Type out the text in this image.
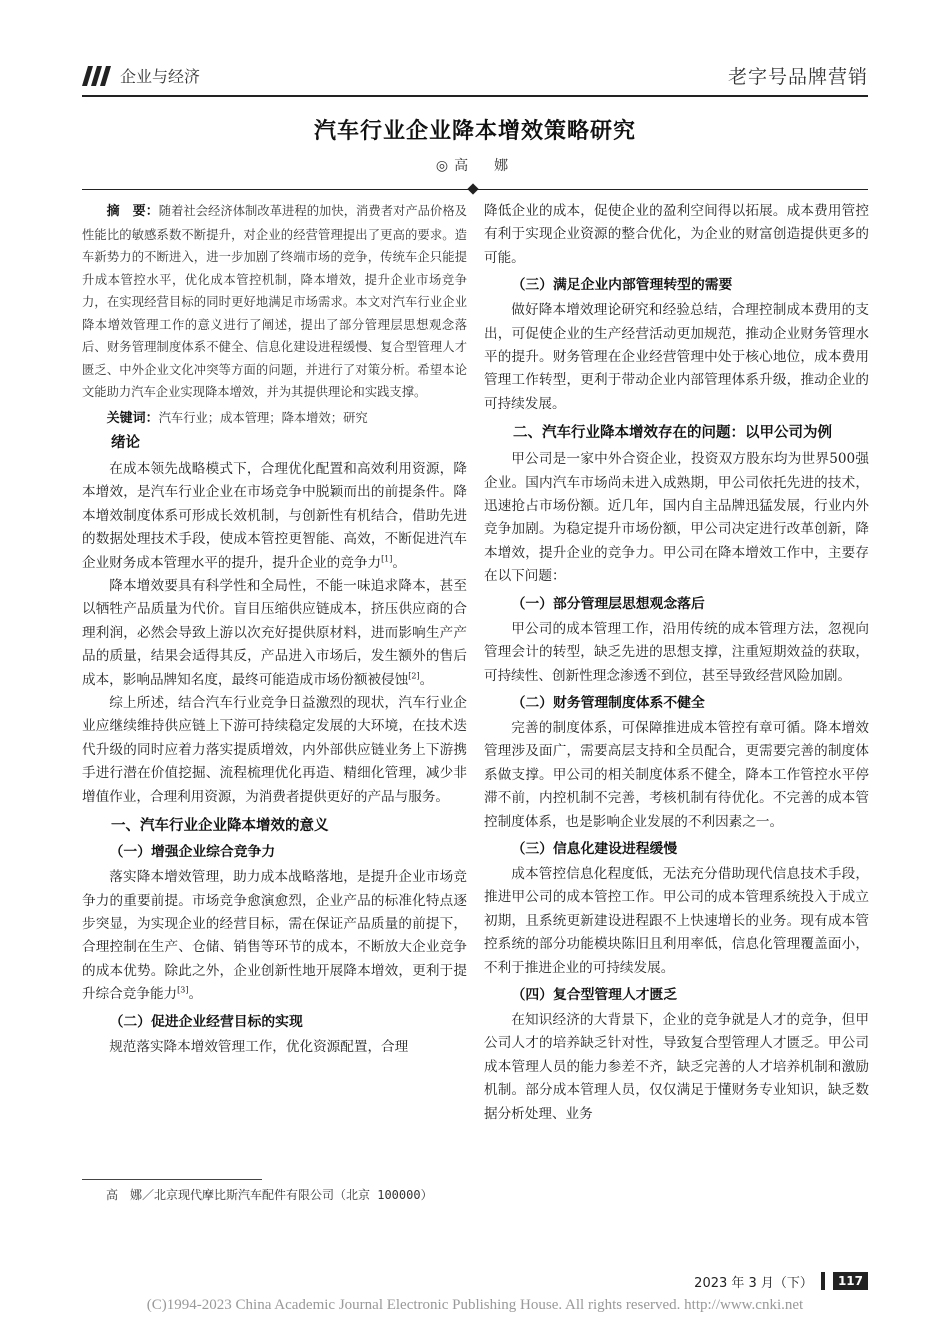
企业与经济	老字号品牌营销
汽车行业企业降本增效策略研究
◎高　娜

摘　要：随着社会经济体制改革进程的加快，消费者对产品价格及性能比的敏感系数不断提升，对企业的经营管理提出了更高的要求。造车新势力的不断进入，进一步加剧了终端市场的竞争，传统车企只能提升成本管控水平，优化成本管控机制，降本增效，提升企业市场竞争力，在实现经营目标的同时更好地满足市场需求。本文对汽车行业企业降本增效管理工作的意义进行了阐述，提出了部分管理层思想观念落后、财务管理制度体系不健全、信息化建设进程缓慢、复合型管理人才匮乏、中外企业文化冲突等方面的问题，并进行了对策分析。希望本论文能助力汽车企业实现降本增效，并为其提供理论和实践支撑。

关键词：汽车行业；成本管理；降本增效；研究

绪论

在成本领先战略模式下，合理优化配置和高效利用资源，降本增效，是汽车行业企业在市场竞争中脱颖而出的前提条件。降本增效制度体系可形成长效机制，与创新性有机结合，借助先进的数据处理技术手段，使成本管控更智能、高效，不断促进汽车企业财务成本管理水平的提升，提升企业的竞争力[1]。

降本增效要具有科学性和全局性，不能一味追求降本，甚至以牺牲产品质量为代价。盲目压缩供应链成本，挤压供应商的合理利润，必然会导致上游以次充好提供原材料，进而影响生产产品的质量，结果会适得其反，产品进入市场后，发生额外的售后成本，影响品牌知名度，最终可能造成市场份额被侵蚀[2]。

综上所述，结合汽车行业竞争日益激烈的现状，汽车行业企业应继续维持供应链上下游可持续稳定发展的大环境，在技术迭代升级的同时应着力落实提质增效，内外部供应链业务上下游携手进行潜在价值挖掘、流程梳理优化再造、精细化管理，减少非增值作业，合理利用资源，为消费者提供更好的产品与服务。

一、汽车行业企业降本增效的意义
（一）增强企业综合竞争力

落实降本增效管理，助力成本战略落地，是提升企业市场竞争力的重要前提。市场竞争愈演愈烈，企业产品的标准化特点逐步突显，为实现企业的经营目标，需在保证产品质量的前提下，合理控制在生产、仓储、销售等环节的成本，不断放大企业竞争的成本优势。除此之外，企业创新性地开展降本增效，更利于提升综合竞争能力[3]。

（二）促进企业经营目标的实现

规范落实降本增效管理工作，优化资源配置，合理

降低企业的成本，促使企业的盈利空间得以拓展。成本费用管控有利于实现企业资源的整合优化，为企业的财富创造提供更多的可能。

（三）满足企业内部管理转型的需要

做好降本增效理论研究和经验总结，合理控制成本费用的支出，可促使企业的生产经营活动更加规范，推动企业财务管理水平的提升。财务管理在企业经营管理中处于核心地位，成本费用管理工作转型，更利于带动企业内部管理体系升级，推动企业的可持续发展。

二、汽车行业降本增效存在的问题：以甲公司为例

甲公司是一家中外合资企业，投资双方股东均为世界500强企业。国内汽车市场尚未进入成熟期，甲公司依托先进的技术，迅速抢占市场份额。近几年，国内自主品牌迅猛发展，行业内外竞争加剧。为稳定提升市场份额，甲公司决定进行改革创新，降本增效，提升企业的竞争力。甲公司在降本增效工作中，主要存在以下问题：

（一）部分管理层思想观念落后

甲公司的成本管理工作，沿用传统的成本管理方法，忽视向管理会计的转型，缺乏先进的思想支撑，注重短期效益的获取，可持续性、创新性理念渗透不到位，甚至导致经营风险加剧。

（二）财务管理制度体系不健全

完善的制度体系，可保障推进成本管控有章可循。降本增效管理涉及面广，需要高层支持和全员配合，更需要完善的制度体系做支撑。甲公司的相关制度体系不健全，降本工作管控水平停滞不前，内控机制不完善，考核机制有待优化。不完善的成本管控制度体系，也是影响企业发展的不利因素之一。

（三）信息化建设进程缓慢

成本管控信息化程度低，无法充分借助现代信息技术手段，推进甲公司的成本管控工作。甲公司的成本管理系统投入于成立初期，且系统更新建设进程跟不上快速增长的业务。现有成本管控系统的部分功能模块陈旧且利用率低，信息化管理覆盖面小，不利于推进企业的可持续发展。

（四）复合型管理人才匮乏

在知识经济的大背景下，企业的竞争就是人才的竞争，但甲公司人才的培养缺乏针对性，导致复合型管理人才匮乏。甲公司成本管理人员的能力参差不齐，缺乏完善的人才培养机制和激励机制。部分成本管理人员，仅仅满足于懂财务专业知识，缺乏数据分析处理、业务

高　娜／北京现代摩比斯汽车配件有限公司（北京 100000）
2023 年 3 月（下）	117
(C)1994-2023 China Academic Journal Electronic Publishing House. All rights reserved. http://www.cnki.net
